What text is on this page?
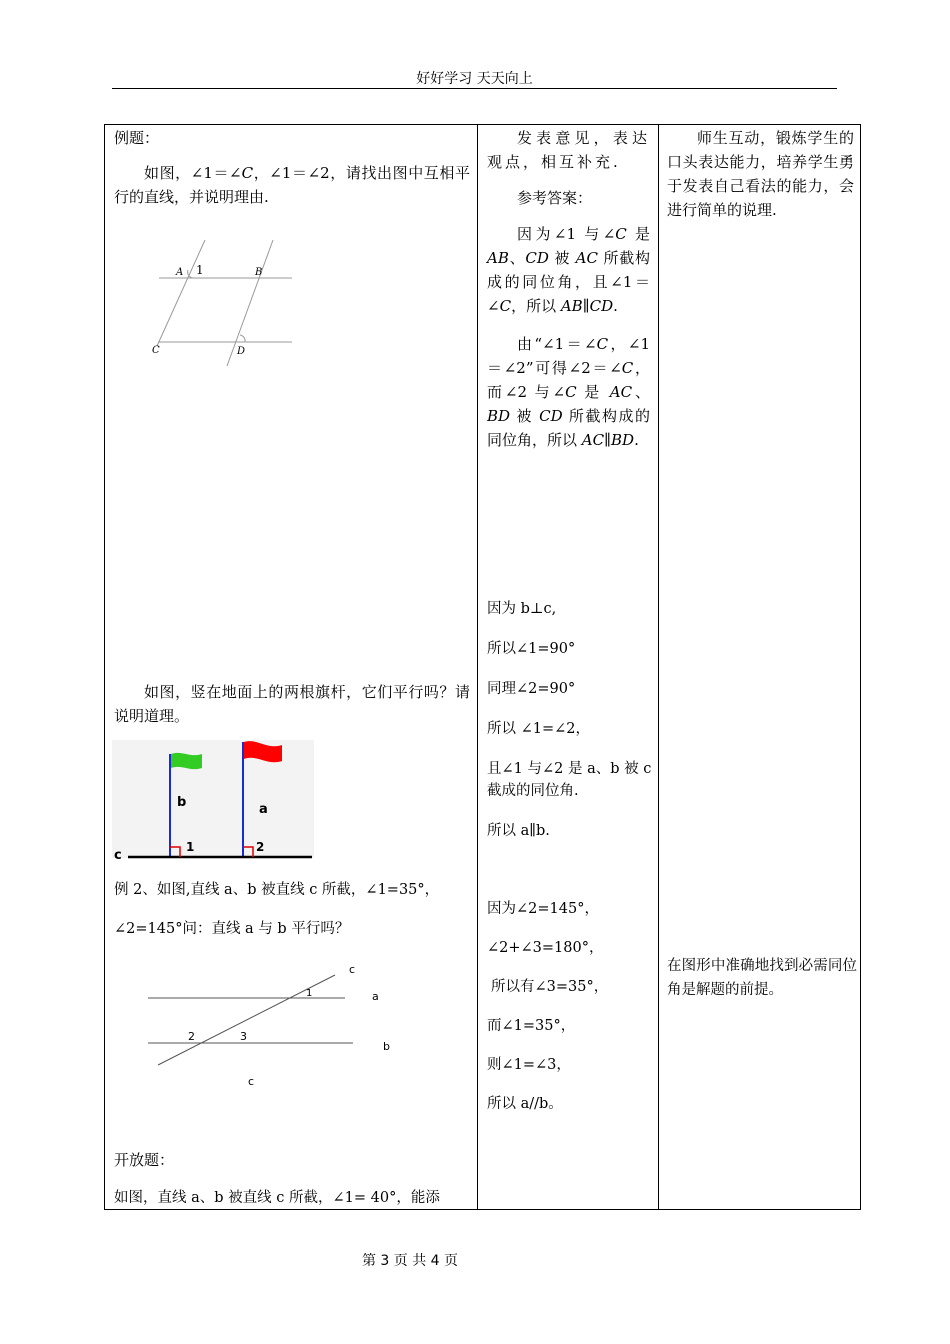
好好学习 天天向上

例题：

如图，∠1＝∠C，∠1＝∠2，请找出图中互相平行的直线，并说明理由.

A 1	B
C	D

如图，竖在地面上的两根旗杆，它们平行吗？请说明道理。

b	a
c
1	2

例 2、如图,直线 a、b 被直线 c 所截，∠1=35°，

∠2=145°问：直线 a 与 b 平行吗？

c
1	a
2	3
b
c

开放题：

如图，直线 a、b 被直线 c 所截，∠1= 40°，能添

发表意见，表达观点，相互补充.

参考答案：

因为∠1 与∠C 是 AB、CD 被 AC 所截构成的同位角，且∠1＝∠C，所以 AB∥CD.

由“∠1＝∠C，∠1＝∠2”可得∠2＝∠C，而∠2 与∠C 是 AC、BD 被 CD 所截构成的同位角，所以 AC∥BD.

因为 b⊥c,

所以∠1=90°

同理∠2=90°

所以 ∠1=∠2，

且∠1 与∠2 是 a、b 被 c 截成的同位角.

所以 a∥b.

因为∠2=145°，

∠2+∠3=180°，

所以有∠3=35°，

而∠1=35°，

则∠1=∠3，

所以 a//b。

师生互动，锻炼学生的口头表达能力，培养学生勇于发表自己看法的能力，会进行简单的说理.

在图形中准确地找到必需同位角是解题的前提。

第 3 页 共 4 页
